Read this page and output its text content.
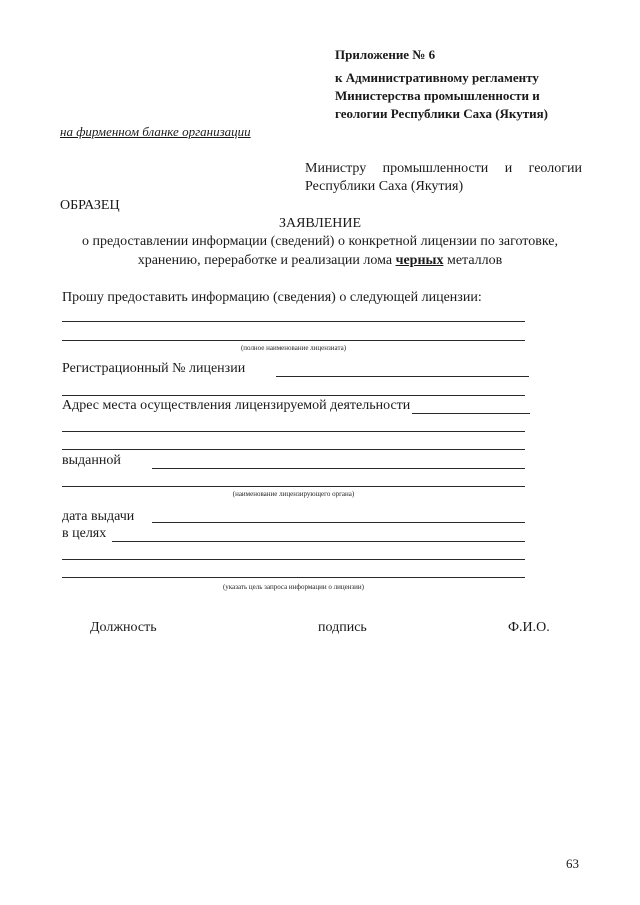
Приложение № 6
к Административному регламенту
Министерства промышленности и
геологии Республики Саха (Якутия)
на фирменном бланке организации
Министру промышленности и геологии
Республики Саха (Якутия)
ОБРАЗЕЦ
ЗАЯВЛЕНИЕ
о предоставлении информации (сведений) о конкретной лицензии по заготовке,
хранению, переработке и реализации лома черных металлов
Прошу предоставить информацию (сведения) о следующей лицензии:
(полное наименование лицензиата)
Регистрационный № лицензии
Адрес места осуществления лицензируемой деятельности
выданной
(наименование лицензирующего органа)
дата выдачи
в целях
(указать цель запроса информации о лицензии)
Должность	подпись	Ф.И.О.
63
